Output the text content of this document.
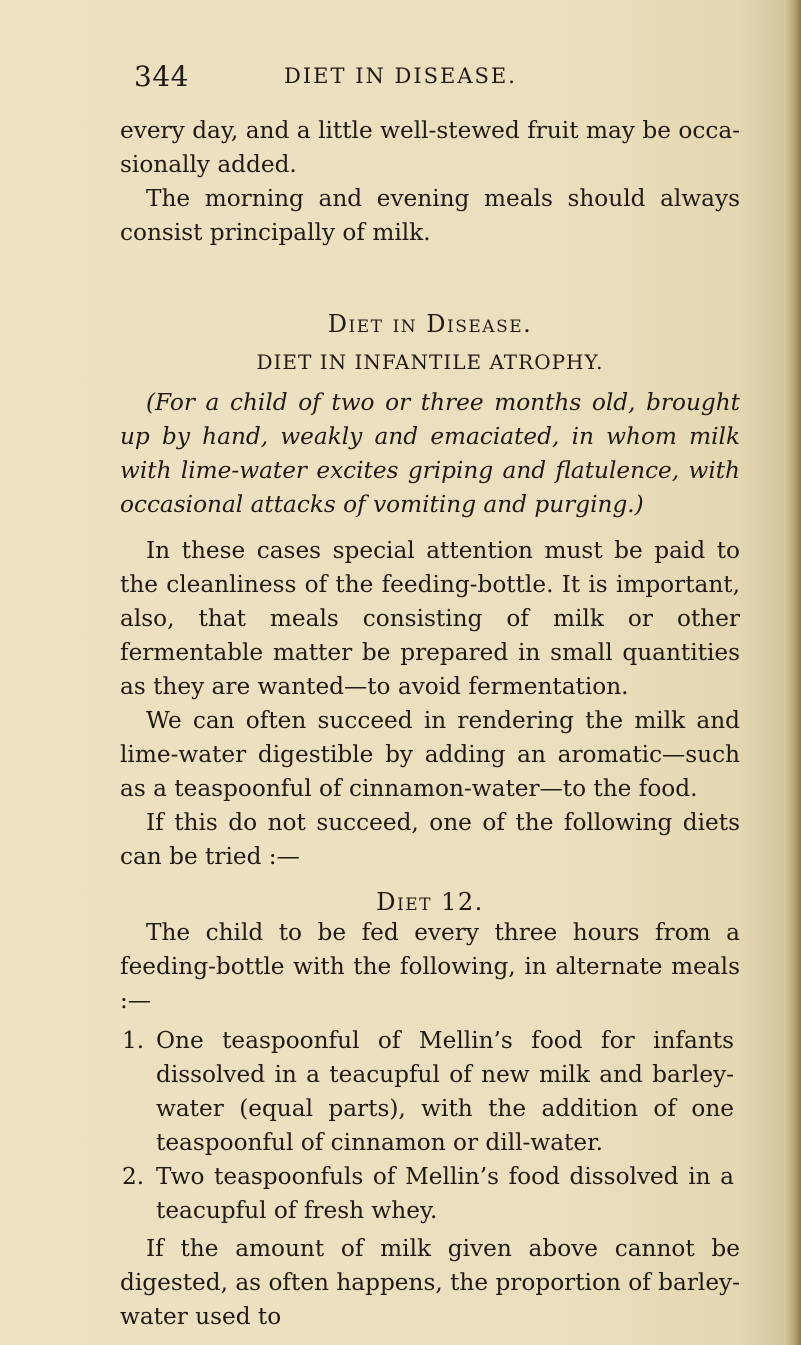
344	DIET IN DISEASE.

every day, and a little well-stewed fruit may be occasionally added.

The morning and evening meals should always consist principally of milk.

Diet in Disease.
DIET IN INFANTILE ATROPHY.

(For a child of two or three months old, brought up by hand, weakly and emaciated, in whom milk with lime-water excites griping and flatulence, with occasional attacks of vomiting and purging.)

In these cases special attention must be paid to the cleanliness of the feeding-bottle. It is important, also, that meals consisting of milk or other fermentable matter be prepared in small quantities as they are wanted—to avoid fermentation.

We can often succeed in rendering the milk and lime-water digestible by adding an aromatic—such as a teaspoonful of cinnamon-water—to the food.

If this do not succeed, one of the following diets can be tried :—

Diet 12.

The child to be fed every three hours from a feeding-bottle with the following, in alternate meals :—

1. One teaspoonful of Mellin’s food for infants dissolved in a teacupful of new milk and barley-water (equal parts), with the addition of one teaspoonful of cinnamon or dill-water.
2. Two teaspoonfuls of Mellin’s food dissolved in a teacupful of fresh whey.

If the amount of milk given above cannot be digested, as often happens, the proportion of barley-water used to
